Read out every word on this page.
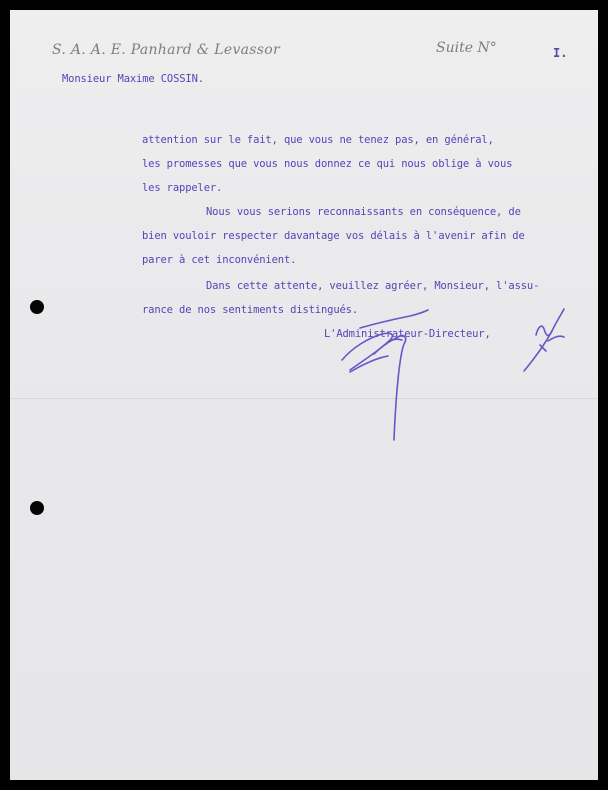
S. A. A. E. Panhard & Levassor	Suite N°	I.
Monsieur Maxime COSSIN.
attention sur le fait, que vous ne tenez pas, en général,
les promesses que vous nous donnez ce qui nous oblige à vous
les rappeler.
Nous vous serions reconnaissants en conséquence, de
bien vouloir respecter davantage vos délais à l'avenir afin de
parer à cet inconvénient.
Dans cette attente, veuillez agréer, Monsieur, l'assu-
rance de nos sentiments distingués.
L'Administrateur-Directeur,
